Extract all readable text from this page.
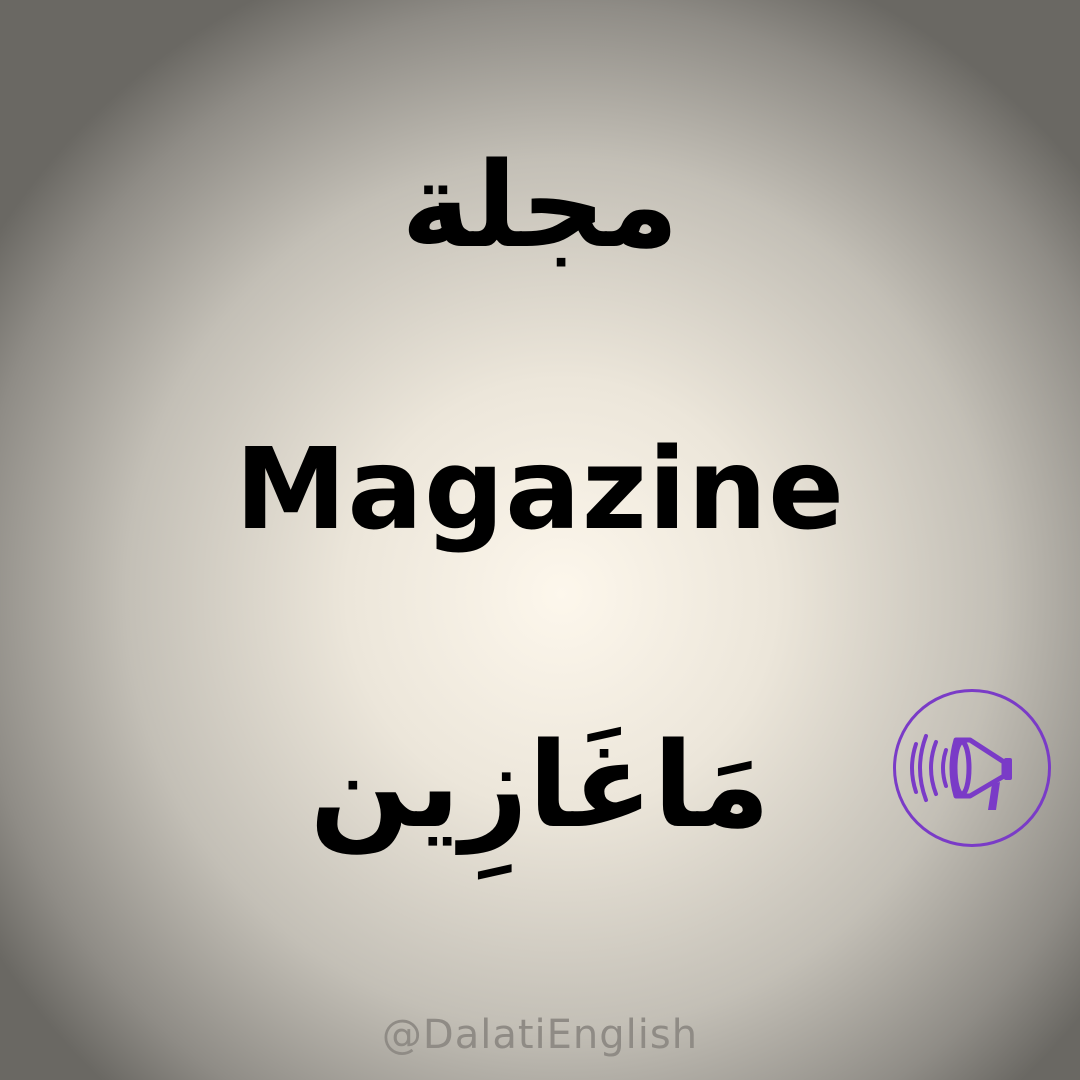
مجلة
Magazine
مَاغَازِين
@DalatiEnglish
